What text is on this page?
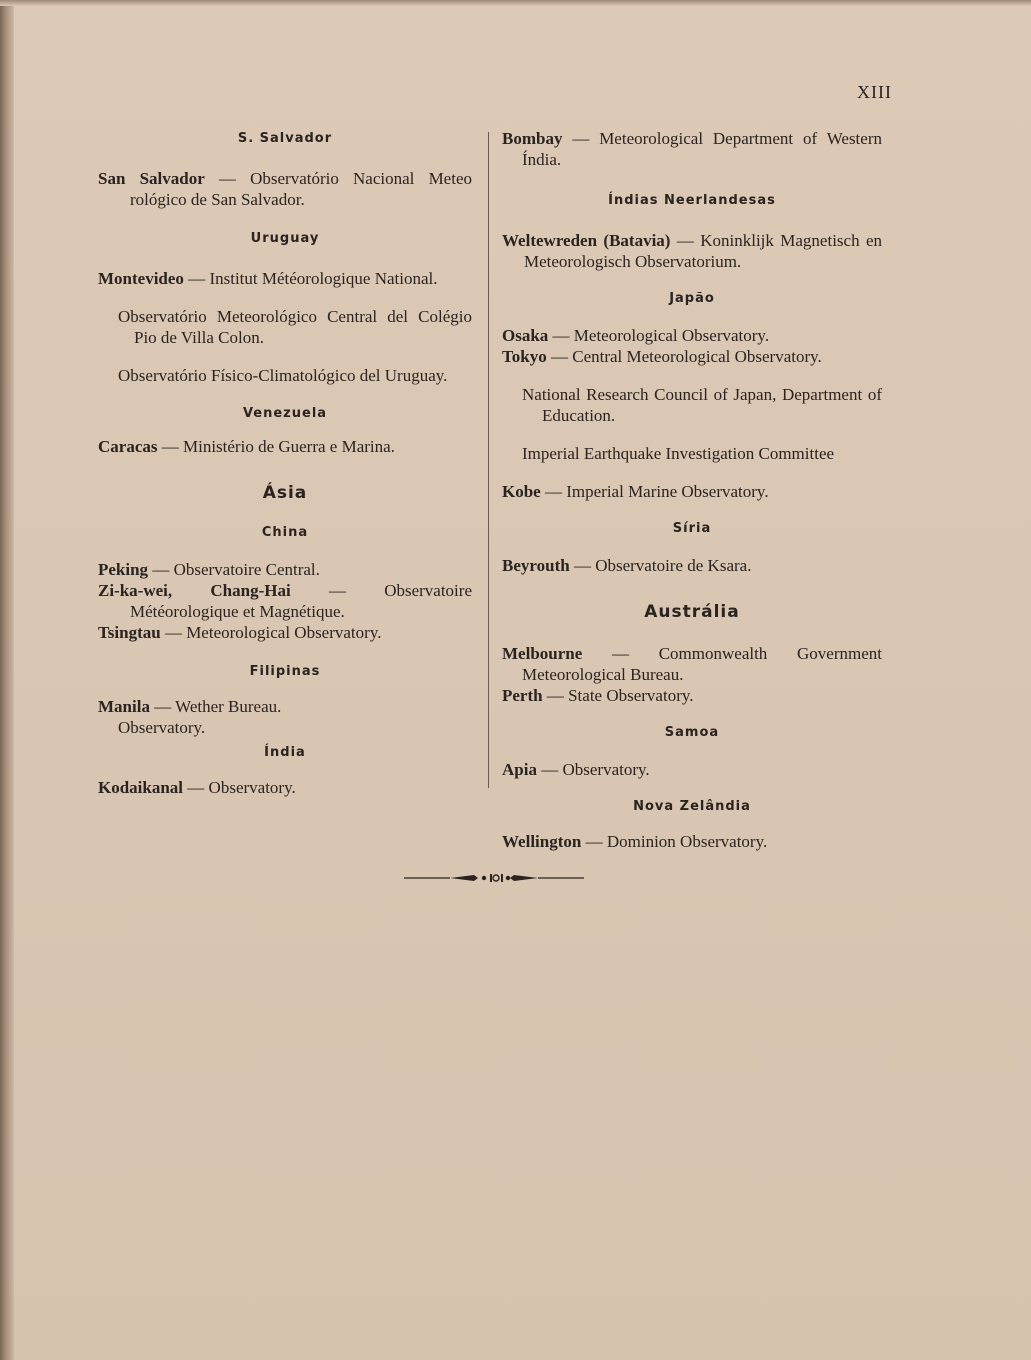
XIII

S. Salvador

San Salvador — Observatório Nacional Meteo rológico de San Salvador.

Uruguay

Montevideo — Institut Météorologique National.

Observatório Meteorológico Central del Colégio Pio de Villa Colon.

Observatório Físico-Climatológico del Uruguay.

Venezuela

Caracas — Ministério de Guerra e Marina.

Ásia

China

Peking — Observatoire Central.

Zi-ka-wei, Chang-Hai — Observatoire Météorologique et Magnétique.

Tsingtau — Meteorological Observatory.

Filipinas

Manila — Wether Bureau.

Observatory.

Índia

Kodaikanal — Observatory.

Bombay — Meteorological Department of Western Índia.

Índias Neerlandesas

Weltewreden (Batavia) — Koninklijk Magnetisch en Meteorologisch Observatorium.

Japão

Osaka — Meteorological Observatory.

Tokyo — Central Meteorological Observatory.

National Research Council of Japan, Department of Education.

Imperial Earthquake Investigation Committee

Kobe — Imperial Marine Observatory.

Síria

Beyrouth — Observatoire de Ksara.

Austrália

Melbourne — Commonwealth Government Meteorological Bureau.

Perth — State Observatory.

Samoa

Apia — Observatory.

Nova Zelândia

Wellington — Dominion Observatory.
